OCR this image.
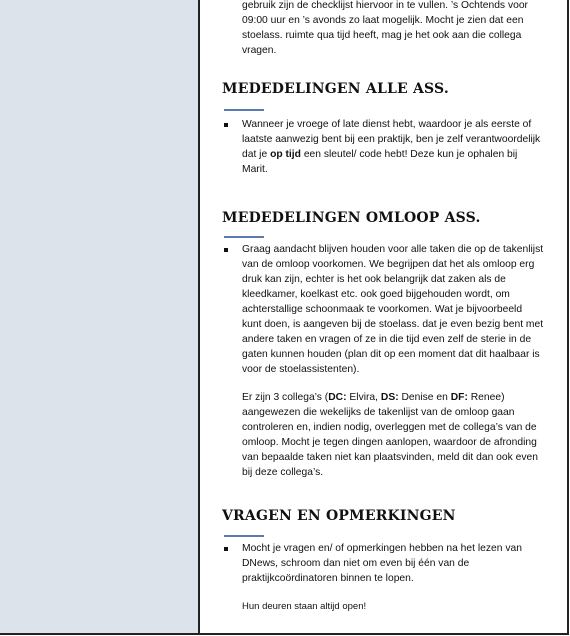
gebruik zijn de checklijst hiervoor in te vullen. ’s Ochtends voor 09:00 uur en ’s avonds zo laat mogelijk. Mocht je zien dat een stoelass. ruimte qua tijd heeft, mag je het ook aan die collega vragen.

MEDEDELINGEN ALLE ASS.
Wanneer je vroege of late dienst hebt, waardoor je als eerste of laatste aanwezig bent bij een praktijk, ben je zelf verantwoordelijk dat je op tijd een sleutel/ code hebt! Deze kun je ophalen bij Marit.
MEDEDELINGEN OMLOOP ASS.
Graag aandacht blijven houden voor alle taken die op de takenlijst van de omloop voorkomen. We begrijpen dat het als omloop erg druk kan zijn, echter is het ook belangrijk dat zaken als de kleedkamer, koelkast etc. ook goed bijgehouden wordt, om achterstallige schoonmaak te voorkomen. Wat je bijvoorbeeld kunt doen, is aangeven bij de stoelass. dat je even bezig bent met andere taken en vragen of ze in die tijd even zelf de sterie in de gaten kunnen houden (plan dit op een moment dat dit haalbaar is voor de stoelassistenten).
Er zijn 3 collega’s (DC: Elvira, DS: Denise en DF: Renee) aangewezen die wekelijks de takenlijst van de omloop gaan controleren en, indien nodig, overleggen met de collega’s van de omloop. Mocht je tegen dingen aanlopen, waardoor de afronding van bepaalde taken niet kan plaatsvinden, meld dit dan ook even bij deze collega’s.
VRAGEN EN OPMERKINGEN
Mocht je vragen en/ of opmerkingen hebben na het lezen van DNews, schroom dan niet om even bij één van de praktijkcoördinatoren binnen te lopen.
Hun deuren staan altijd open!
